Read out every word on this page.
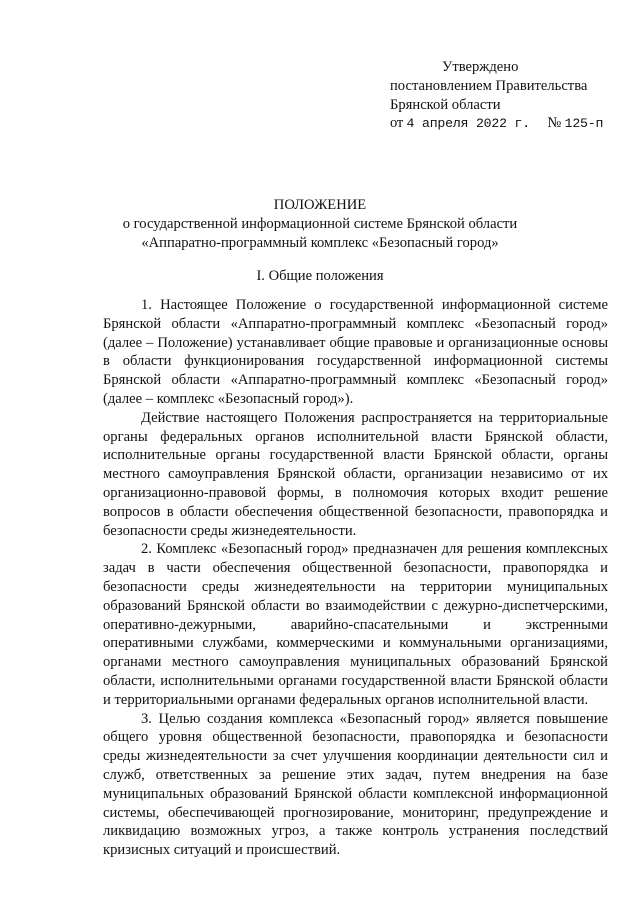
Утверждено
постановлением Правительства
Брянской области
от 4 апреля 2022 г. № 125-п
ПОЛОЖЕНИЕ
о государственной информационной системе Брянской области
«Аппаратно-программный комплекс «Безопасный город»
I. Общие положения

1. Настоящее Положение о государственной информационной системе Брянской области «Аппаратно-программный комплекс «Безопасный город» (далее – Положение) устанавливает общие правовые и организационные основы в области функционирования государственной информационной системы Брянской области «Аппаратно-программный комплекс «Безопасный город» (далее – комплекс «Безопасный город»).

Действие настоящего Положения распространяется на территориальные органы федеральных органов исполнительной власти Брянской области, исполнительные органы государственной власти Брянской области, органы местного самоуправления Брянской области, организации независимо от их организационно-правовой формы, в полномочия которых входит решение вопросов в области обеспечения общественной безопасности, правопорядка и безопасности среды жизнедеятельности.

2. Комплекс «Безопасный город» предназначен для решения комплексных задач в части обеспечения общественной безопасности, правопорядка и безопасности среды жизнедеятельности на территории муниципальных образований Брянской области во взаимодействии с дежурно-диспетчерскими, оперативно-дежурными, аварийно-спасательными и экстренными оперативными службами, коммерческими и коммунальными организациями, органами местного самоуправления муниципальных образований Брянской области, исполнительными органами государственной власти Брянской области и территориальными органами федеральных органов исполнительной власти.

3. Целью создания комплекса «Безопасный город» является повышение общего уровня общественной безопасности, правопорядка и безопасности среды жизнедеятельности за счет улучшения координации деятельности сил и служб, ответственных за решение этих задач, путем внедрения на базе муниципальных образований Брянской области комплексной информационной системы, обеспечивающей прогнозирование, мониторинг, предупреждение и ликвидацию возможных угроз, а также контроль устранения последствий кризисных ситуаций и происшествий.
